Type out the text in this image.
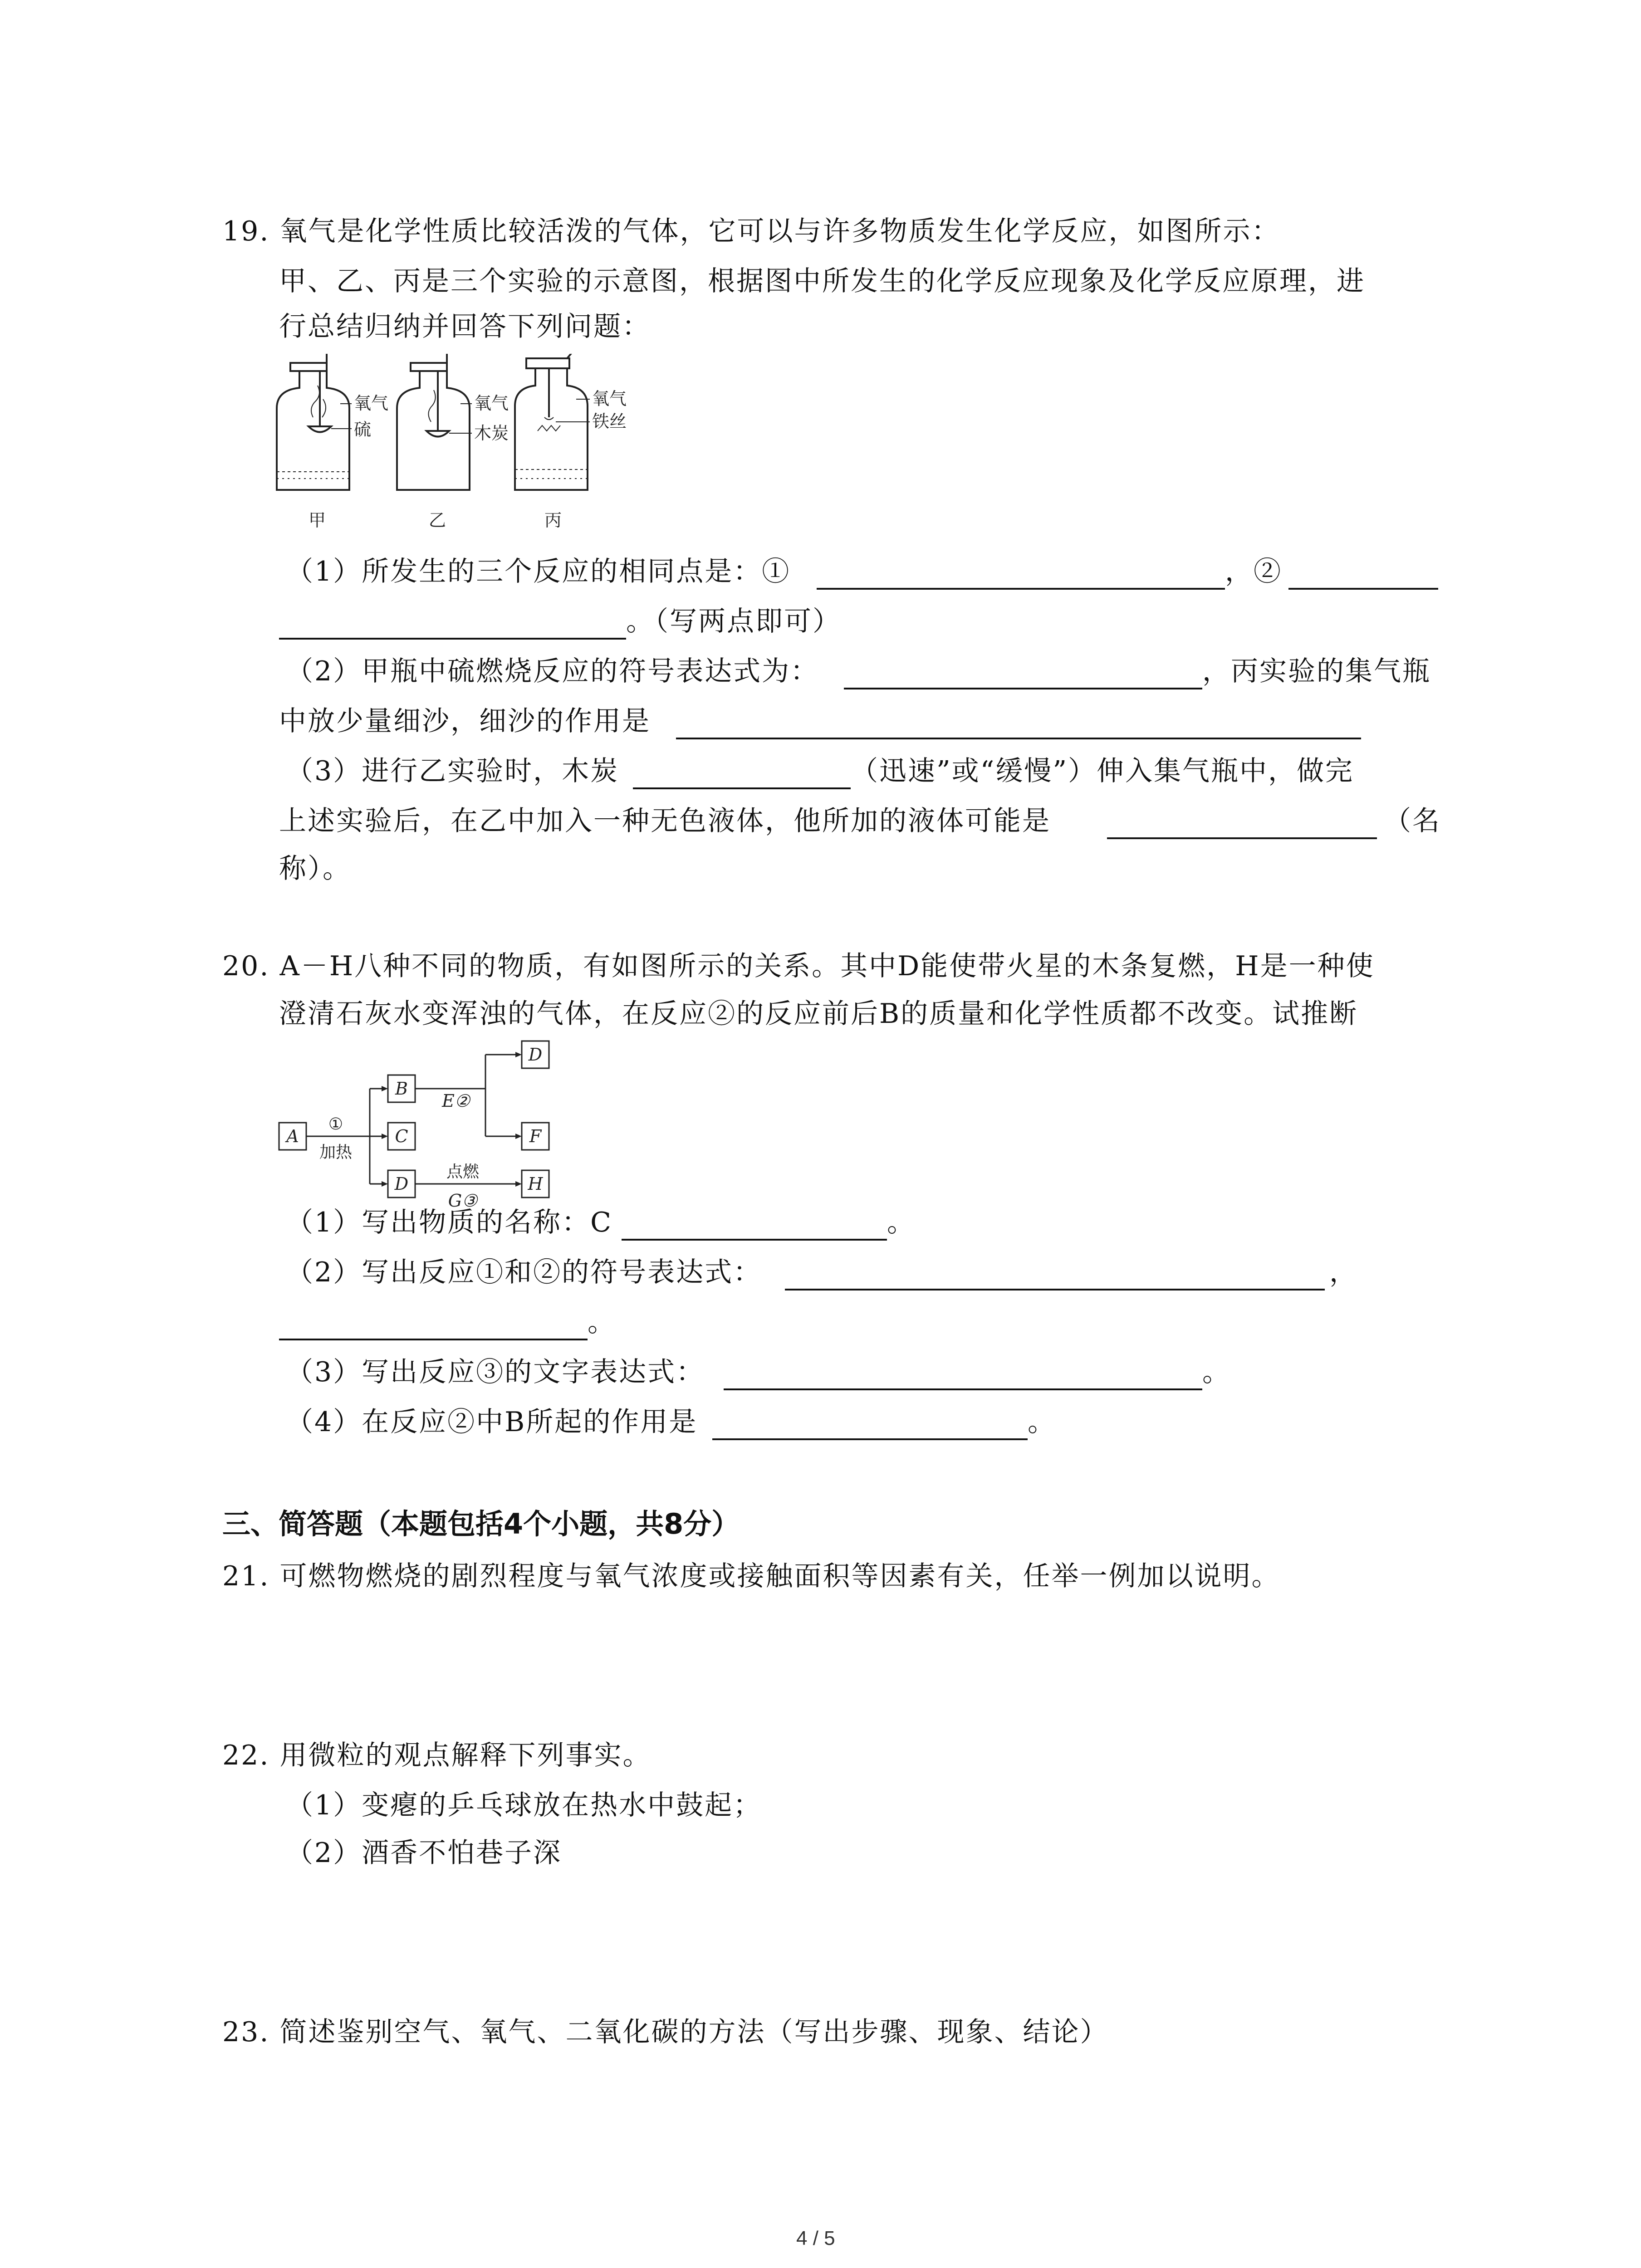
19. 氧气是化学性质比较活泼的气体，它可以与许多物质发生化学反应，如图所示：
甲、乙、丙是三个实验的示意图，根据图中所发生的化学反应现象及化学反应原理，进
行总结归纳并回答下列问题：
氧气
硫
氧气
木炭
氧气
铁丝
甲	乙	丙
（1）所发生的三个反应的相同点是：①	，②
。（写两点即可）
（2）甲瓶中硫燃烧反应的符号表达式为：	，丙实验的集气瓶
中放少量细沙，细沙的作用是
（3）进行乙实验时，木炭	（迅速”或“缓慢”）伸入集气瓶中，做完
上述实验后，在乙中加入一种无色液体，他所加的液体可能是	（名
称）。
20. A－H八种不同的物质，有如图所示的关系。其中D能使带火星的木条复燃，H是一种使
澄清石灰水变浑浊的气体，在反应②的反应前后B的质量和化学性质都不改变。试推断
A
B
C
D
D
F
H
E②
G③
①
加热
点燃
（1）写出物质的名称：C	。
（2）写出反应①和②的符号表达式：	，
。
（3）写出反应③的文字表达式：	。
（4）在反应②中B所起的作用是	。
三、简答题（本题包括4个小题，共8分）
21. 可燃物燃烧的剧烈程度与氧气浓度或接触面积等因素有关，任举一例加以说明。
22. 用微粒的观点解释下列事实。
（1）变瘪的乒乓球放在热水中鼓起；
（2）酒香不怕巷子深
23. 简述鉴别空气、氧气、二氧化碳的方法（写出步骤、现象、结论）
4 / 5
